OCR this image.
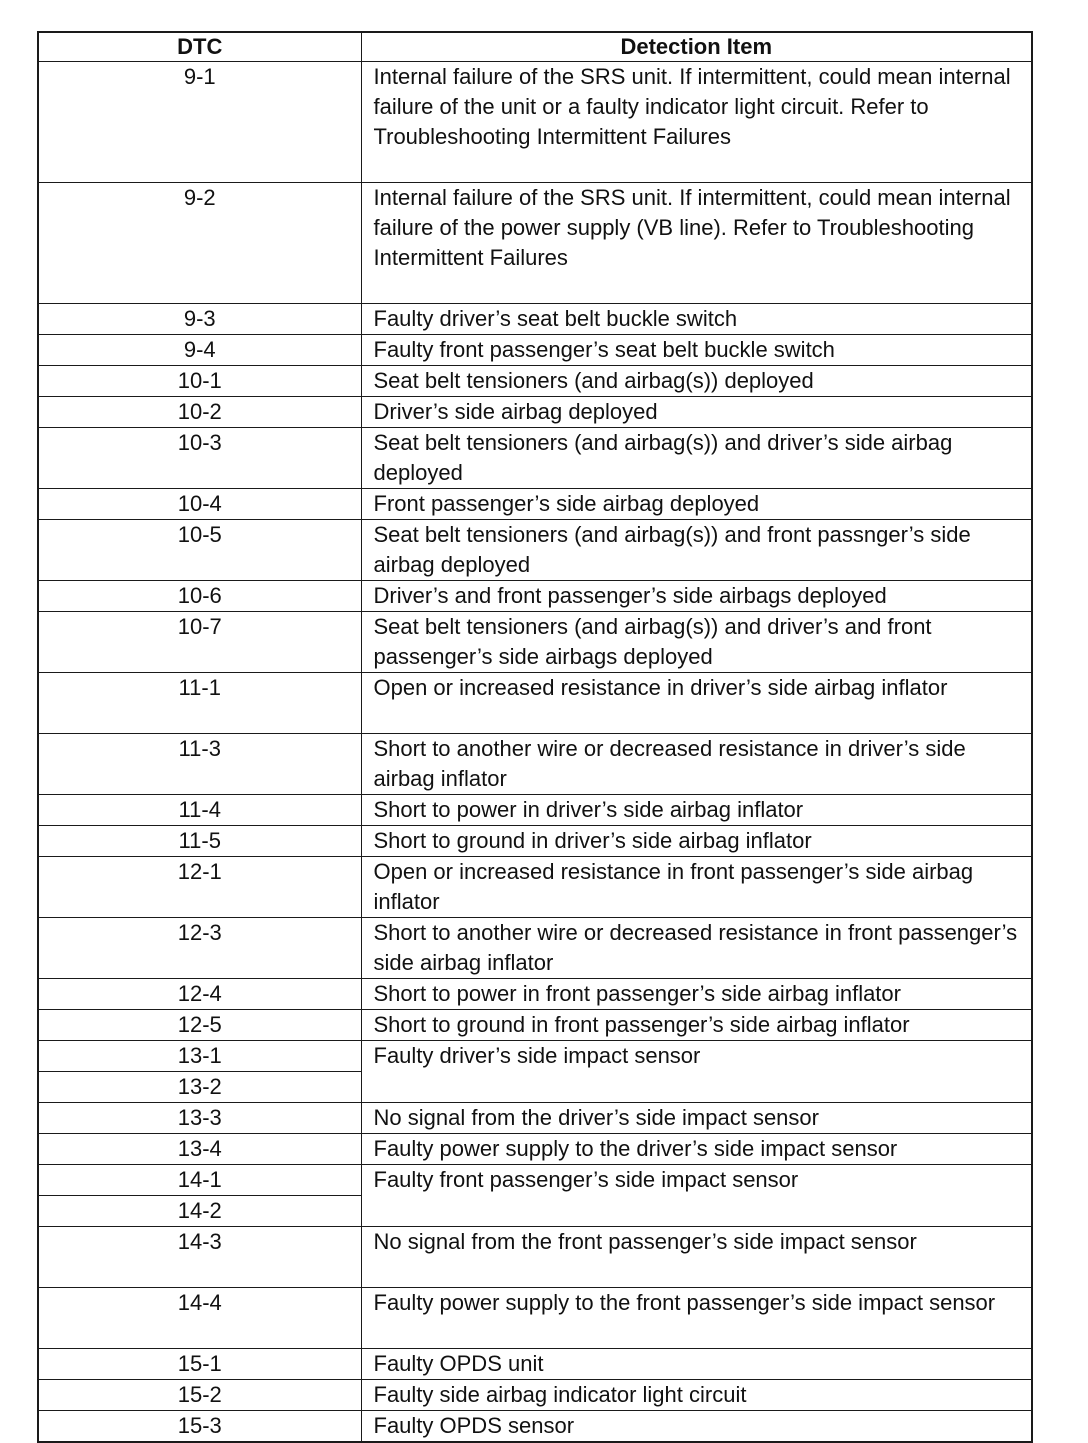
DTC	Detection Item
9-1	Internal failure of the SRS unit. If intermittent, could mean internal failure of the unit or a faulty indicator light circuit. Refer to Troubleshooting Intermittent Failures
9-2	Internal failure of the SRS unit. If intermittent, could mean internal failure of the power supply (VB line). Refer to Troubleshooting Intermittent Failures
9-3	Faulty driver’s seat belt buckle switch
9-4	Faulty front passenger’s seat belt buckle switch
10-1	Seat belt tensioners (and airbag(s)) deployed
10-2	Driver’s side airbag deployed
10-3	Seat belt tensioners (and airbag(s)) and driver’s side airbag deployed
10-4	Front passenger’s side airbag deployed
10-5	Seat belt tensioners (and airbag(s)) and front passnger’s side airbag deployed
10-6	Driver’s and front passenger’s side airbags deployed
10-7	Seat belt tensioners (and airbag(s)) and driver’s and front passenger’s side airbags deployed
11-1	Open or increased resistance in driver’s side airbag inflator
11-3	Short to another wire or decreased resistance in driver’s side airbag inflator
11-4	Short to power in driver’s side airbag inflator
11-5	Short to ground in driver’s side airbag inflator
12-1	Open or increased resistance in front passenger’s side airbag inflator
12-3	Short to another wire or decreased resistance in front passenger’s side airbag inflator
12-4	Short to power in front passenger’s side airbag inflator
12-5	Short to ground in front passenger’s side airbag inflator
13-1	Faulty driver’s side impact sensor
13-2	
13-3	No signal from the driver’s side impact sensor
13-4	Faulty power supply to the driver’s side impact sensor
14-1	Faulty front passenger’s side impact sensor
14-2	
14-3	No signal from the front passenger’s side impact sensor
14-4	Faulty power supply to the front passenger’s side impact sensor
15-1	Faulty OPDS unit
15-2	Faulty side airbag indicator light circuit
15-3	Faulty OPDS sensor
